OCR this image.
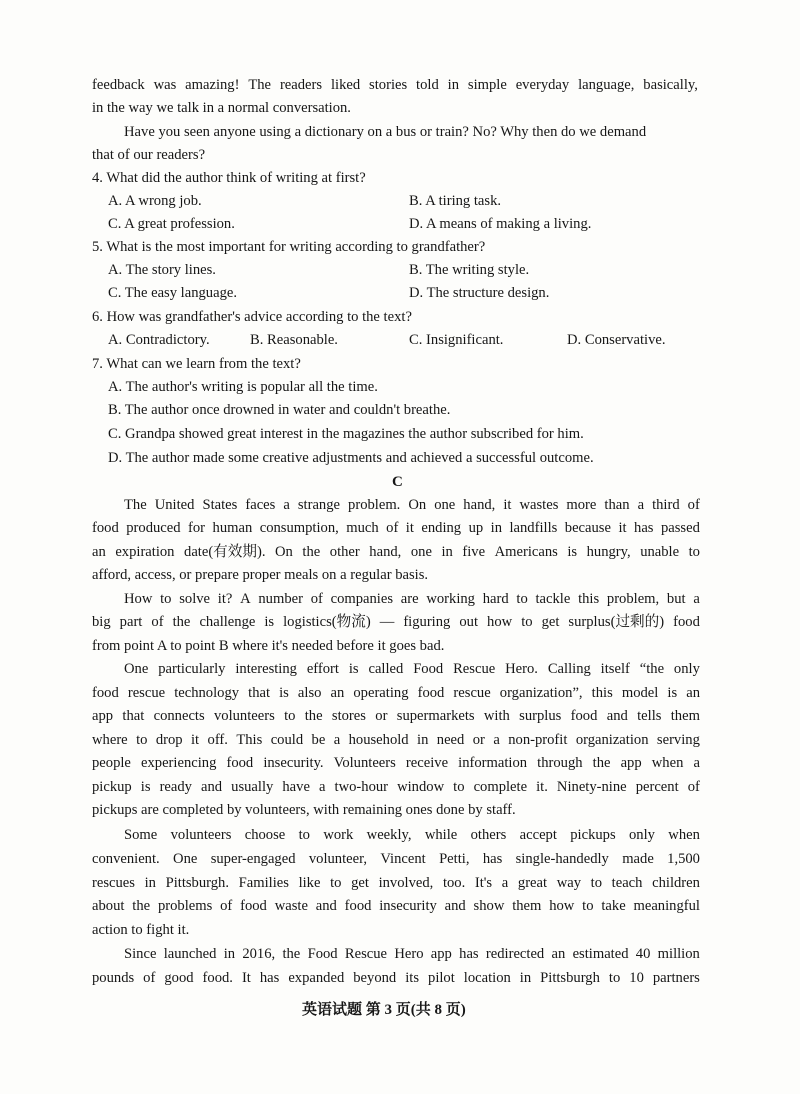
feedback was amazing! The readers liked stories told in simple everyday language, basically,
in the way we talk in a normal conversation.
Have you seen anyone using a dictionary on a bus or train? No? Why then do we demand
that of our readers?
4. What did the author think of writing at first?
A. A wrong job.	B. A tiring task.
C. A great profession.	D. A means of making a living.
5. What is the most important for writing according to grandfather?
A. The story lines.	B. The writing style.
C. The easy language.	D. The structure design.
6. How was grandfather's advice according to the text?
A. Contradictory.	B. Reasonable.	C. Insignificant.	D. Conservative.
7. What can we learn from the text?
A. The author's writing is popular all the time.
B. The author once drowned in water and couldn't breathe.
C. Grandpa showed great interest in the magazines the author subscribed for him.
D. The author made some creative adjustments and achieved a successful outcome.
C
The United States faces a strange problem. On one hand, it wastes more than a third of
food produced for human consumption, much of it ending up in landfills because it has passed
an expiration date(有效期). On the other hand, one in five Americans is hungry, unable to
afford, access, or prepare proper meals on a regular basis.
How to solve it? A number of companies are working hard to tackle this problem, but a
big part of the challenge is logistics(物流) — figuring out how to get surplus(过剩的) food
from point A to point B where it's needed before it goes bad.
One particularly interesting effort is called Food Rescue Hero. Calling itself “the only
food rescue technology that is also an operating food rescue organization”, this model is an
app that connects volunteers to the stores or supermarkets with surplus food and tells them
where to drop it off. This could be a household in need or a non-profit organization serving
people experiencing food insecurity. Volunteers receive information through the app when a
pickup is ready and usually have a two-hour window to complete it. Ninety-nine percent of
pickups are completed by volunteers, with remaining ones done by staff.
Some volunteers choose to work weekly, while others accept pickups only when
convenient. One super-engaged volunteer, Vincent Petti, has single-handedly made 1,500
rescues in Pittsburgh. Families like to get involved, too. It's a great way to teach children
about the problems of food waste and food insecurity and show them how to take meaningful
action to fight it.
Since launched in 2016, the Food Rescue Hero app has redirected an estimated 40 million
pounds of good food. It has expanded beyond its pilot location in Pittsburgh to 10 partners
英语试题 第 3 页(共 8 页)
